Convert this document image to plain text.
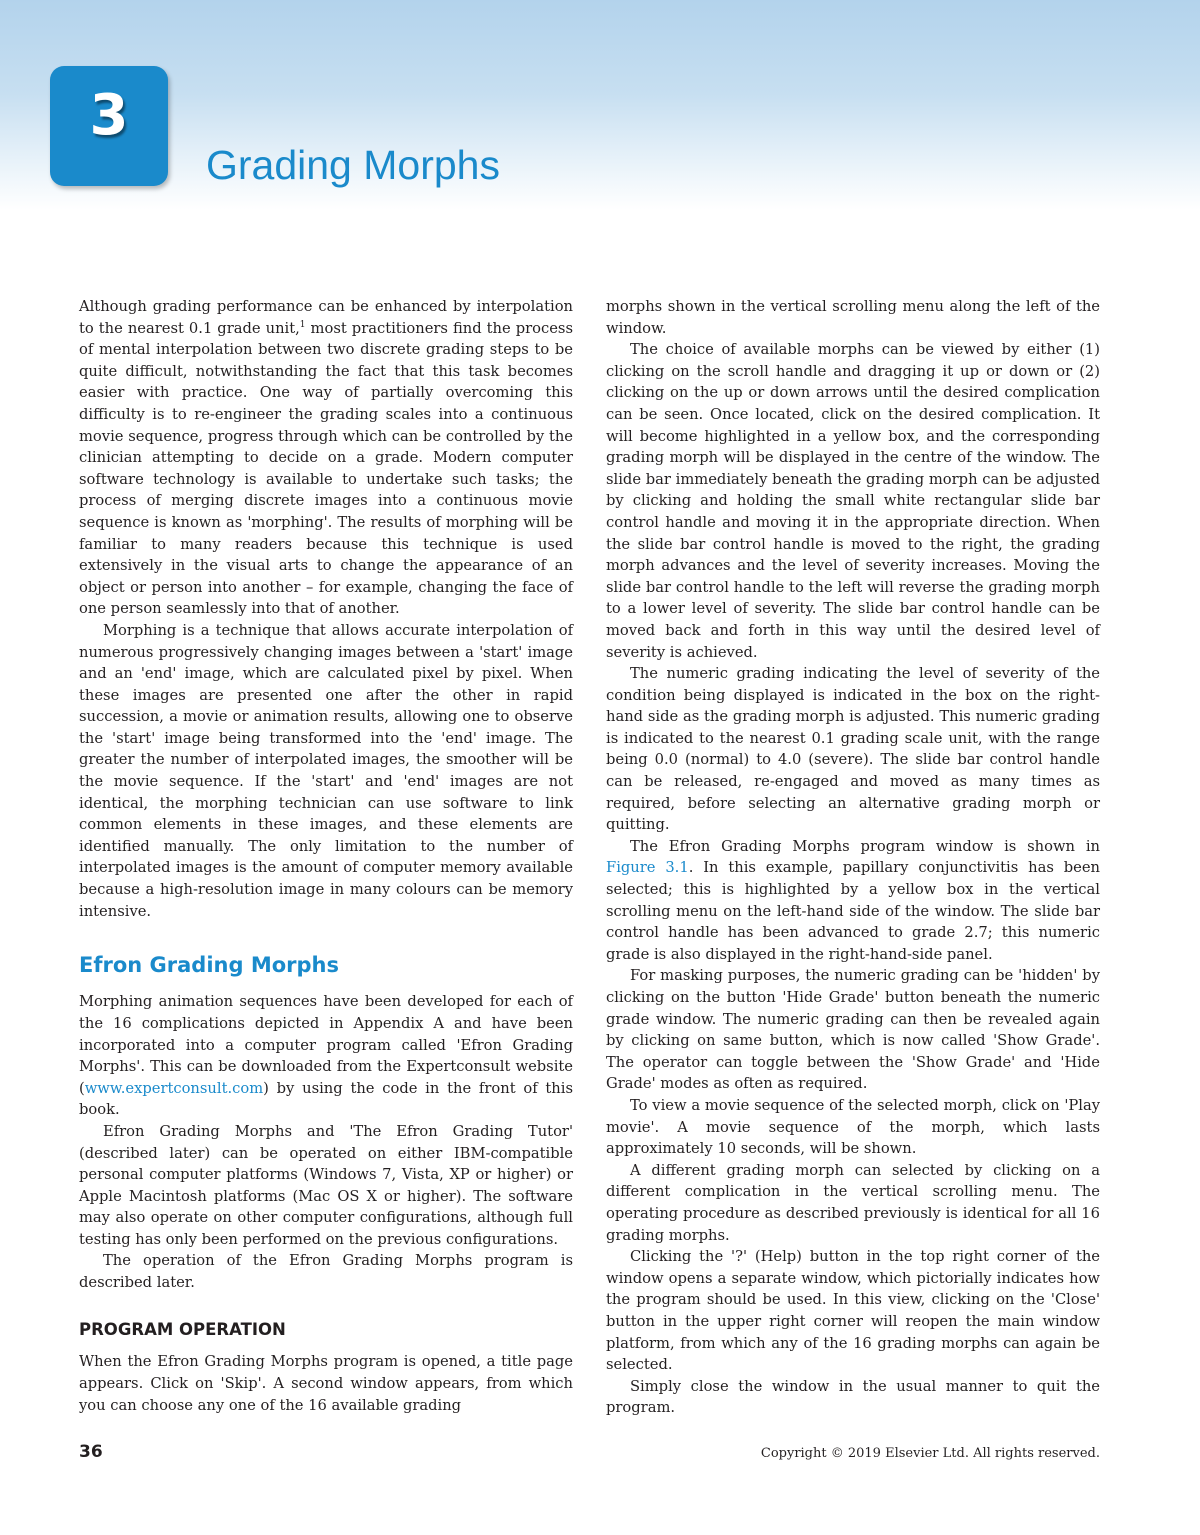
3
Grading Morphs

Although grading performance can be enhanced by interpolation to the nearest 0.1 grade unit,$^1$ most practitioners find the process of mental interpolation between two discrete grading steps to be quite difficult, notwithstanding the fact that this task becomes easier with practice. One way of partially overcoming this difficulty is to re-engineer the grading scales into a continuous movie sequence, progress through which can be controlled by the clinician attempting to decide on a grade. Modern computer software technology is available to undertake such tasks; the process of merging discrete images into a continuous movie sequence is known as 'morphing'. The results of morphing will be familiar to many readers because this technique is used extensively in the visual arts to change the appearance of an object or person into another – for example, changing the face of one person seamlessly into that of another.

Morphing is a technique that allows accurate interpolation of numerous progressively changing images between a 'start' image and an 'end' image, which are calculated pixel by pixel. When these images are presented one after the other in rapid succession, a movie or animation results, allowing one to observe the 'start' image being transformed into the 'end' image. The greater the number of interpolated images, the smoother will be the movie sequence. If the 'start' and 'end' images are not identical, the morphing technician can use software to link common elements in these images, and these elements are identified manually. The only limitation to the number of interpolated images is the amount of computer memory available because a high-resolution image in many colours can be memory intensive.

Efron Grading Morphs

Morphing animation sequences have been developed for each of the 16 complications depicted in Appendix A and have been incorporated into a computer program called 'Efron Grading Morphs'. This can be downloaded from the Expertconsult website (www.expertconsult.com) by using the code in the front of this book.

Efron Grading Morphs and 'The Efron Grading Tutor' (described later) can be operated on either IBM-compatible personal computer platforms (Windows 7, Vista, XP or higher) or Apple Macintosh platforms (Mac OS X or higher). The software may also operate on other computer configurations, although full testing has only been performed on the previous configurations.

The operation of the Efron Grading Morphs program is described later.

PROGRAM OPERATION

When the Efron Grading Morphs program is opened, a title page appears. Click on 'Skip'. A second window appears, from which you can choose any one of the 16 available grading

morphs shown in the vertical scrolling menu along the left of the window.

The choice of available morphs can be viewed by either (1) clicking on the scroll handle and dragging it up or down or (2) clicking on the up or down arrows until the desired complication can be seen. Once located, click on the desired complication. It will become highlighted in a yellow box, and the corresponding grading morph will be displayed in the centre of the window. The slide bar immediately beneath the grading morph can be adjusted by clicking and holding the small white rectangular slide bar control handle and moving it in the appropriate direction. When the slide bar control handle is moved to the right, the grading morph advances and the level of severity increases. Moving the slide bar control handle to the left will reverse the grading morph to a lower level of severity. The slide bar control handle can be moved back and forth in this way until the desired level of severity is achieved.

The numeric grading indicating the level of severity of the condition being displayed is indicated in the box on the right-hand side as the grading morph is adjusted. This numeric grading is indicated to the nearest 0.1 grading scale unit, with the range being 0.0 (normal) to 4.0 (severe). The slide bar control handle can be released, re-engaged and moved as many times as required, before selecting an alternative grading morph or quitting.

The Efron Grading Morphs program window is shown in Figure 3.1. In this example, papillary conjunctivitis has been selected; this is highlighted by a yellow box in the vertical scrolling menu on the left-hand side of the window. The slide bar control handle has been advanced to grade 2.7; this numeric grade is also displayed in the right-hand-side panel.

For masking purposes, the numeric grading can be 'hidden' by clicking on the button 'Hide Grade' button beneath the numeric grade window. The numeric grading can then be revealed again by clicking on same button, which is now called 'Show Grade'. The operator can toggle between the 'Show Grade' and 'Hide Grade' modes as often as required.

To view a movie sequence of the selected morph, click on 'Play movie'. A movie sequence of the morph, which lasts approximately 10 seconds, will be shown.

A different grading morph can selected by clicking on a different complication in the vertical scrolling menu. The operating procedure as described previously is identical for all 16 grading morphs.

Clicking the '?' (Help) button in the top right corner of the window opens a separate window, which pictorially indicates how the program should be used. In this view, clicking on the 'Close' button in the upper right corner will reopen the main window platform, from which any of the 16 grading morphs can again be selected.

Simply close the window in the usual manner to quit the program.

36	Copyright © 2019 Elsevier Ltd. All rights reserved.
